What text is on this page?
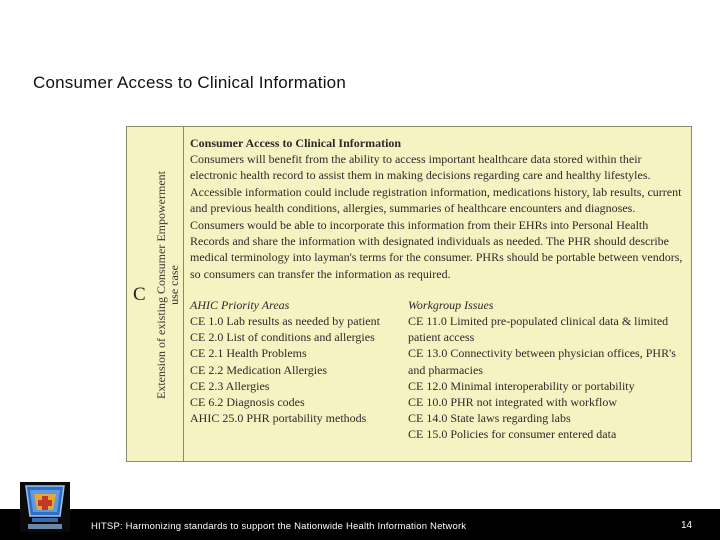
Consumer Access to Clinical Information
C Extension of existing Consumer Empowerment use case
Consumer Access to Clinical Information
Consumers will benefit from the ability to access important healthcare data stored within their electronic health record to assist them in making decisions regarding care and healthy lifestyles. Accessible information could include registration information, medications history, lab results, current and previous health conditions, allergies, summaries of healthcare encounters and diagnoses. Consumers would be able to incorporate this information from their EHRs into Personal Health Records and share the information with designated individuals as needed. The PHR should describe medical terminology into layman's terms for the consumer. PHRs should be portable between vendors, so consumers can transfer the information as required.
AHIC Priority Areas
CE 1.0 Lab results as needed by patient
CE 2.0 List of conditions and allergies
CE 2.1 Health Problems
CE 2.2 Medication Allergies
CE 2.3 Allergies
CE 6.2 Diagnosis codes
AHIC 25.0 PHR portability methods
Workgroup Issues
CE 11.0 Limited pre-populated clinical data & limited patient access
CE 13.0 Connectivity between physician offices, PHR's and pharmacies
CE 12.0 Minimal interoperability or portability
CE 10.0 PHR not integrated with workflow
CE 14.0 State laws regarding labs
CE 15.0 Policies for consumer entered data
HITSP: Harmonizing standards to support the Nationwide Health Information Network	14
